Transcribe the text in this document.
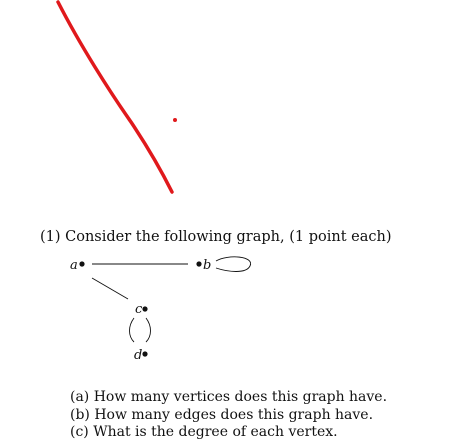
(1) Consider the following graph, (1 point each)
a	b
c
d
(a) How many vertices does this graph have.
(b) How many edges does this graph have.
(c) What is the degree of each vertex.
